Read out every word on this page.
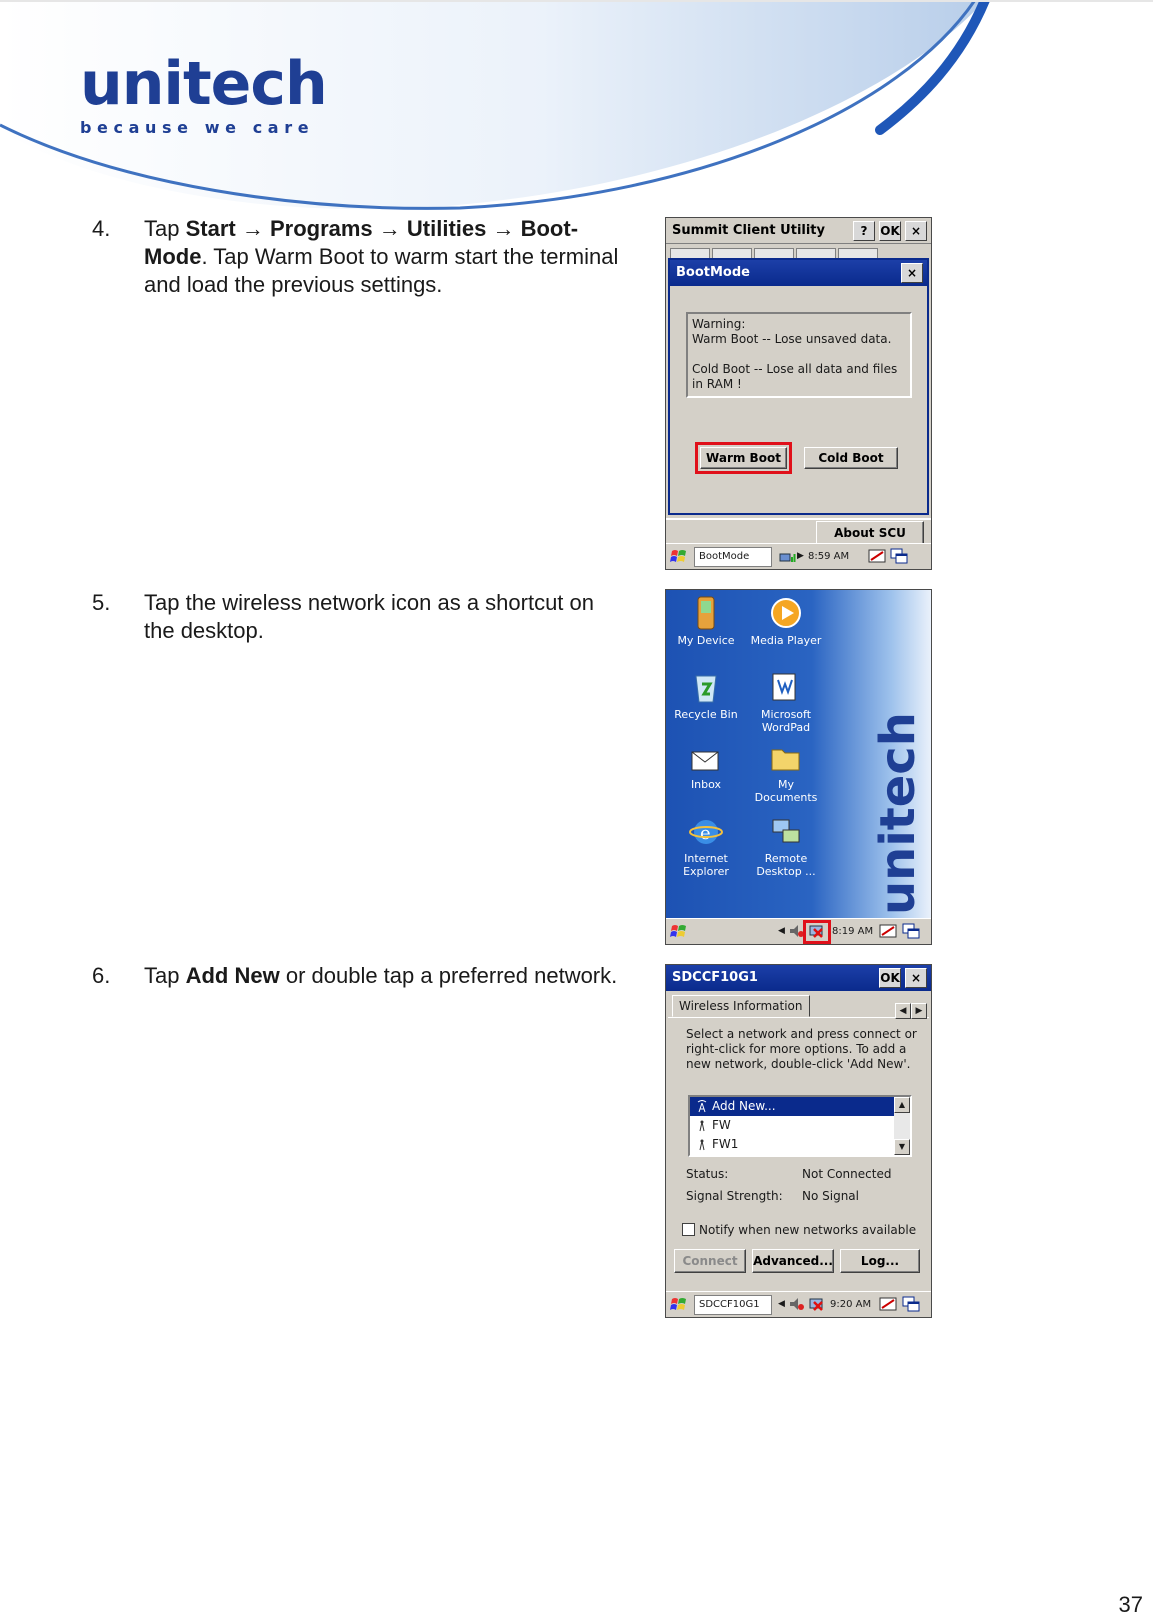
unitech
because we care
4. Tap Start → Programs → Utilities → Boot-Mode. Tap Warm Boot to warm start the terminal and load the previous settings.
Summit Client Utility	?	OK ×
BootMode	×
Warning:
Warm Boot -- Lose unsaved data.

Cold Boot -- Lose all data and files in RAM !
Warm Boot	Cold Boot
About SCU
BootMode	▶ 8:59 AM
5. Tap the wireless network icon as a shortcut on the desktop.	My Device	Media Player
Recycle Bin	Microsoft WordPad
Inbox	My Documents
e
Internet Explorer
Remote Desktop ... unitech
◀	8:19 AM
6. Tap Add New or double tap a preferred network.	SDCCF10G1	OK ×
Wireless Information	◀ ▶
Select a network and press connect or right-click for more options. To add a new network, double-click 'Add New'.
Add New...
FW
FW1
▲
▼
Status:	Not Connected
Signal Strength: No Signal
Notify when new networks available
Connect	Advanced...	Log...
SDCCF10G1	◀	9:20 AM
37
